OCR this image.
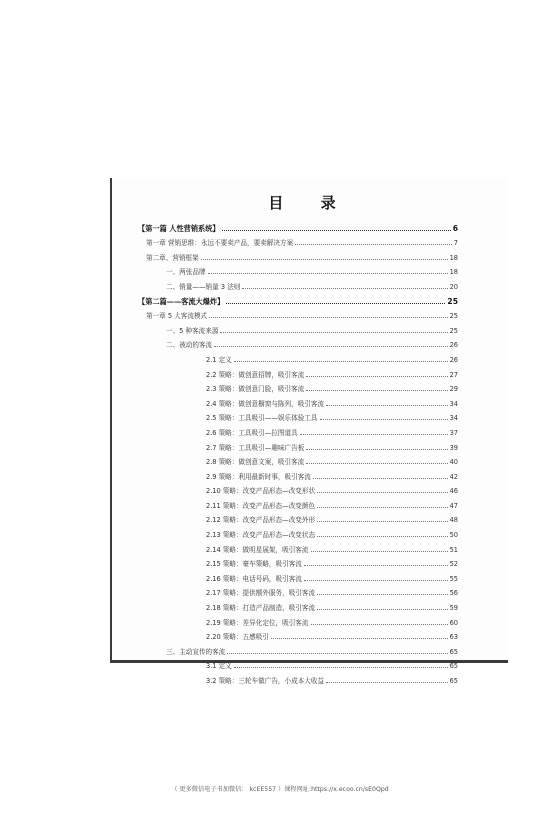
目 录
【第一篇 人性营销系统】	6
第一章 营销思维：永远不要卖产品，要卖解决方案	7
第二章、营销框架	18
一、两张品牌	18
二、销量——销量 3 法则	20
【第二篇——客流大爆炸】	25
第一章 5 大客流模式	25
一、5 种客流来源	25
二、被动的客流	26
2.1 定义	26
2.2 策略：做创意招牌，吸引客流	27
2.3 策略：做创意门脸，吸引客流	29
2.4 策略：做创意橱窗与陈列，吸引客流	34
2.5 策略：工具吸引——娱乐体验工具	34
2.6 策略：工具吸引—拉图道具	37
2.7 策略：工具吸引—趣味广告板	39
2.8 策略：做创意文案，吸引客流	40
2.9 策略：利用最新时事，吸引客流	42
2.10 策略：改变产品形态—改变形状	46
2.11 策略：改变产品形态—改变颜色	47
2.12 策略：改变产品形态—改变外形	48
2.13 策略：改变产品形态—改变状态	50
2.14 策略：做明星展架，吸引客流	51
2.15 策略：豪车策略，吸引客流	52
2.16 策略：电话号码，吸引客流	55
2.17 策略：提供额外服务，吸引客流	56
2.18 策略：打造产品制造，吸引客流	59
2.19 策略：差异化定位，吸引客流	60
2.20 策略：五感吸引	63
三、主动宣传的客流	65
3.1 定义	65
3.2 策略：三轮车做广告，小成本大收益	65
（ 更多微信电子书加微信： kcEE557 ）课程网址:https://x.ecoo.cn/sE0Qpd
